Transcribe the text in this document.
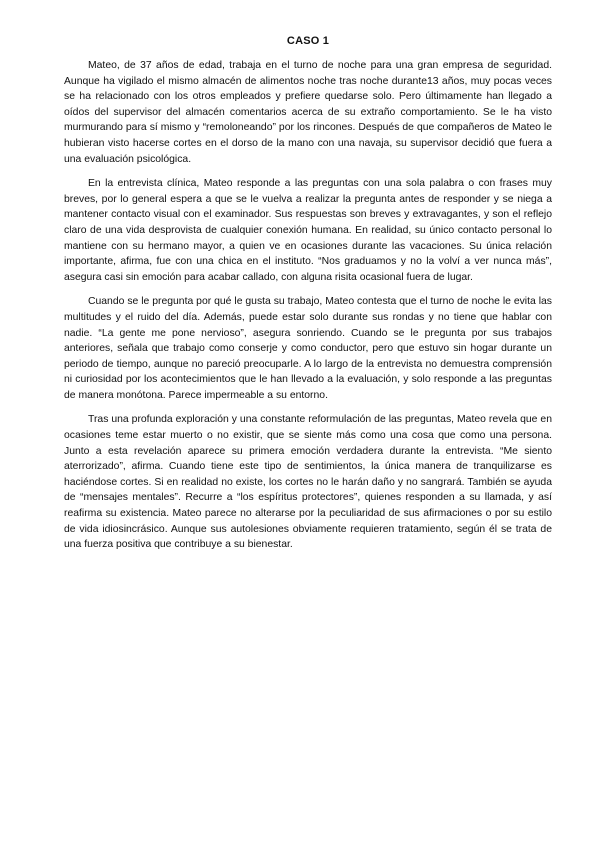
CASO 1

Mateo, de 37 años de edad, trabaja en el turno de noche para una gran empresa de seguridad. Aunque ha vigilado el mismo almacén de alimentos noche tras noche durante13 años, muy pocas veces se ha relacionado con los otros empleados y prefiere quedarse solo. Pero últimamente han llegado a oídos del supervisor del almacén comentarios acerca de su extraño comportamiento. Se le ha visto murmurando para sí mismo y “remoloneando” por los rincones. Después de que compañeros de Mateo le hubieran visto hacerse cortes en el dorso de la mano con una navaja, su supervisor decidió que fuera a una evaluación psicológica.

En la entrevista clínica, Mateo responde a las preguntas con una sola palabra o con frases muy breves, por lo general espera a que se le vuelva a realizar la pregunta antes de responder y se niega a mantener contacto visual con el examinador. Sus respuestas son breves y extravagantes, y son el reflejo claro de una vida desprovista de cualquier conexión humana. En realidad, su único contacto personal lo mantiene con su hermano mayor, a quien ve en ocasiones durante las vacaciones. Su única relación importante, afirma, fue con una chica en el instituto. “Nos graduamos y no la volví a ver nunca más”, asegura casi sin emoción para acabar callado, con alguna risita ocasional fuera de lugar.

Cuando se le pregunta por qué le gusta su trabajo, Mateo contesta que el turno de noche le evita las multitudes y el ruido del día. Además, puede estar solo durante sus rondas y no tiene que hablar con nadie. “La gente me pone nervioso”, asegura sonriendo. Cuando se le pregunta por sus trabajos anteriores, señala que trabajo como conserje y como conductor, pero que estuvo sin hogar durante un periodo de tiempo, aunque no pareció preocuparle. A lo largo de la entrevista no demuestra comprensión ni curiosidad por los acontecimientos que le han llevado a la evaluación, y solo responde a las preguntas de manera monótona. Parece impermeable a su entorno.

Tras una profunda exploración y una constante reformulación de las preguntas, Mateo revela que en ocasiones teme estar muerto o no existir, que se siente más como una cosa que como una persona. Junto a esta revelación aparece su primera emoción verdadera durante la entrevista. “Me siento aterrorizado”, afirma. Cuando tiene este tipo de sentimientos, la única manera de tranquilizarse es haciéndose cortes. Si en realidad no existe, los cortes no le harán daño y no sangrará. También se ayuda de “mensajes mentales”. Recurre a “los espíritus protectores”, quienes responden a su llamada, y así reafirma su existencia. Mateo parece no alterarse por la peculiaridad de sus afirmaciones o por su estilo de vida idiosincrásico. Aunque sus autolesiones obviamente requieren tratamiento, según él se trata de una fuerza positiva que contribuye a su bienestar.
